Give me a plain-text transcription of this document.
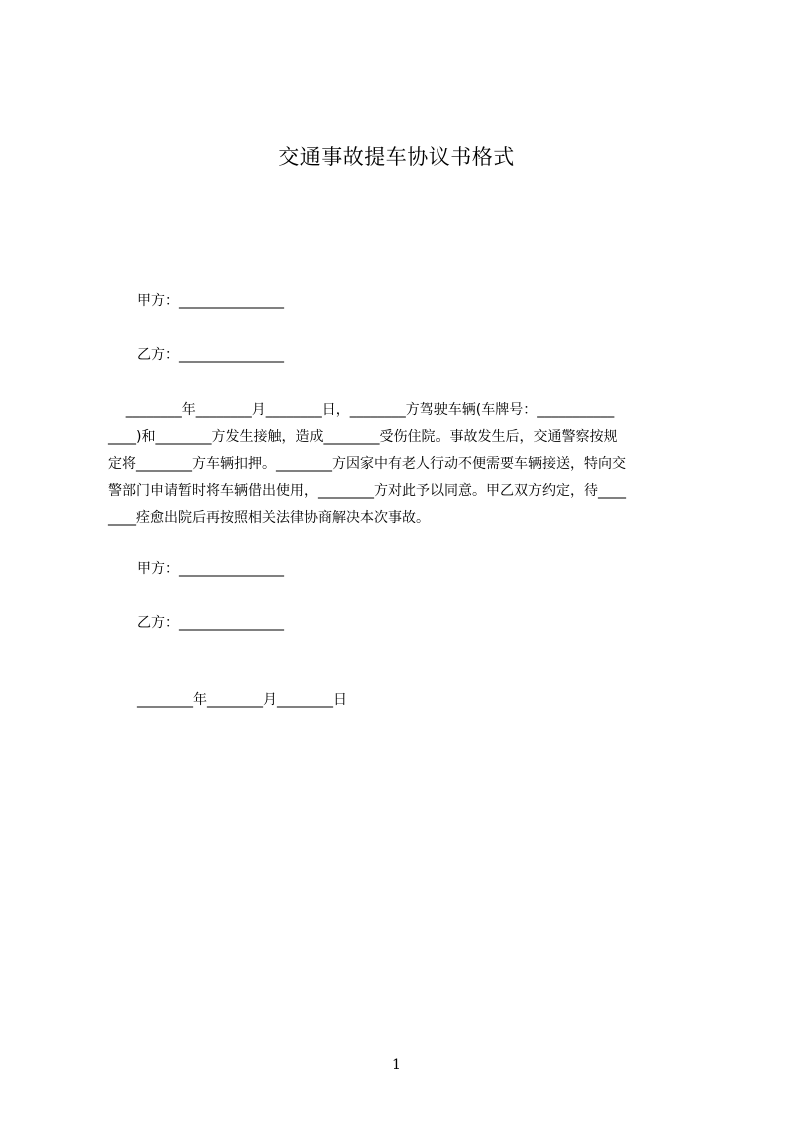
交通事故提车协议书格式
甲方：_______________
乙方：_______________
________年________月________日，________方驾驶车辆(车牌号：___________
____)和________方发生接触，造成________受伤住院。事故发生后，交通警察按规
定将________方车辆扣押。________方因家中有老人行动不便需要车辆接送，特向交
警部门申请暂时将车辆借出使用，________方对此予以同意。甲乙双方约定，待____
____痊愈出院后再按照相关法律协商解决本次事故。
甲方：_______________
乙方：_______________
________年________月________日
1
